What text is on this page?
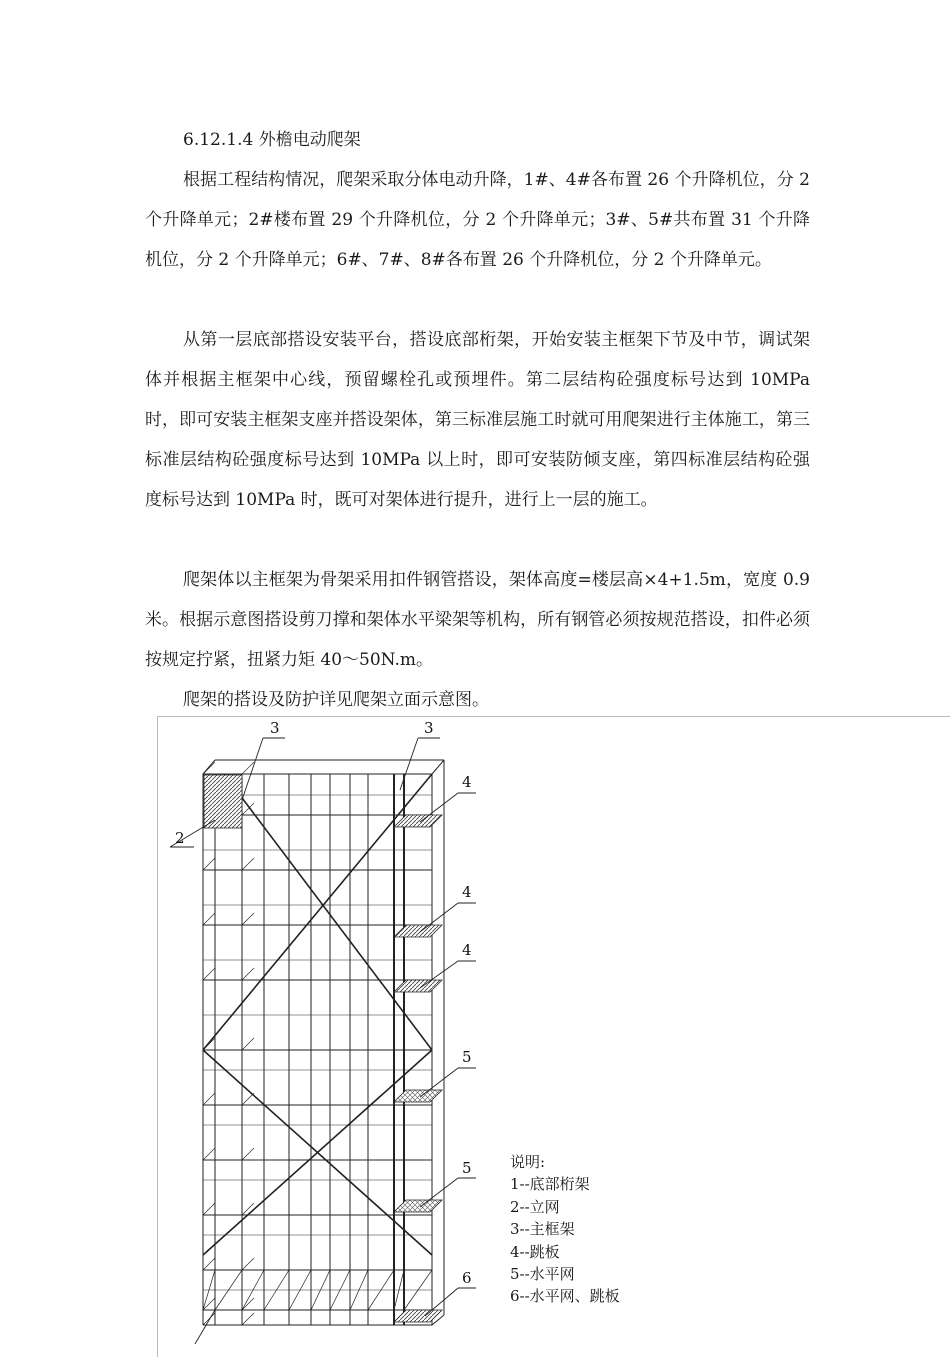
6.12.1.4 外檐电动爬架

根据工程结构情况，爬架采取分体电动升降，1#、4#各布置 26 个升降机位，分 2 个升降单元；2#楼布置 29 个升降机位，分 2 个升降单元；3#、5#共布置 31 个升降机位，分 2 个升降单元；6#、7#、8#各布置 26 个升降机位，分 2 个升降单元。

从第一层底部搭设安装平台，搭设底部桁架，开始安装主框架下节及中节，调试架体并根据主框架中心线，预留螺栓孔或预埋件。第二层结构砼强度标号达到 10MPa 时，即可安装主框架支座并搭设架体，第三标准层施工时就可用爬架进行主体施工，第三标准层结构砼强度标号达到 10MPa 以上时，即可安装防倾支座，第四标准层结构砼强度标号达到 10MPa 时，既可对架体进行提升，进行上一层的施工。

爬架体以主框架为骨架采用扣件钢管搭设，架体高度=楼层高×4+1.5m，宽度 0.9 米。根据示意图搭设剪刀撑和架体水平梁架等机构，所有钢管必须按规范搭设，扣件必须按规定拧紧，扭紧力矩 40～50N.m。

爬架的搭设及防护详见爬架立面示意图。

3	3
2
4
4
4
5
5
6
说明:
1--底部桁架
2--立网
3--主框架
4--跳板
5--水平网
6--水平网、跳板
